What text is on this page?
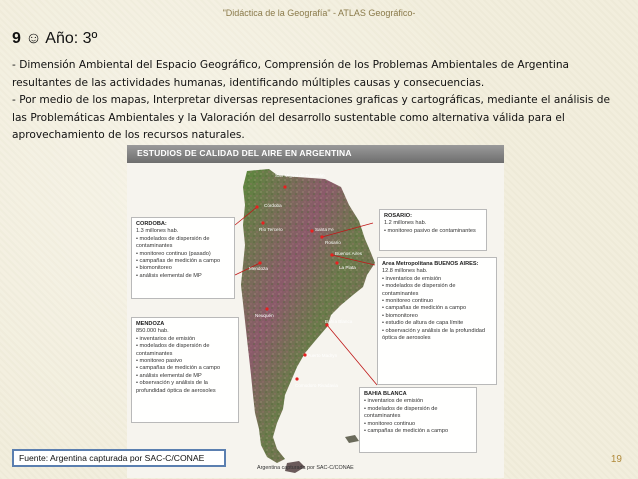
"Didáctica de la Geografía" - ATLAS Geográfico-
9 ☺ Año: 3º

- Dimensión Ambiental del Espacio Geográfico, Comprensión de los Problemas Ambientales de Argentina resultantes de las actividades humanas, identificando múltiples causas y consecuencias.

- Por medio de los mapas, Interpretar diversas representaciones graficas y cartográficas, mediante el análisis de las Problemáticas Ambientales y la Valoración del desarrollo sustentable como alternativa válida para el aprovechamiento de los recursos naturales.

ESTUDIOS DE CALIDAD DEL AIRE EN ARGENTINA
San Miguel de Tucumán
Córdoba
Río Tercero
Mendoza
Santa Fe
Rosario
Buenos Aires
La Plata
Bahía Blanca
Puerto Madryn
Comodoro Rivadavia
Neuquén
CORDOBA:
1.3 millones hab.
• modelados de dispersión de contaminantes
• monitoreo continuo (pasado)
• campañas de medición a campo
• biomonitoreo
• análisis elemental de MP
MENDOZA
850.000 hab.
• inventarios de emisión
• modelados de dispersión de contaminantes
• monitoreo pasivo
• campañas de medición a campo
• análisis elemental de MP
• observación y análisis de la profundidad óptica de aerosoles
ROSARIO:
1.2 millones hab.
• monitoreo pasivo de contaminantes
Area Metropolitana BUENOS AIRES:
12.8 millones hab.
• inventarios de emisión
• modelados de dispersión de contaminantes
• monitoreo continuo
• campañas de medición a campo
• biomonitoreo
• estudio de altura de capa límite
• observación y análisis de la profundidad óptica de aerosoles
BAHIA BLANCA
• inventarios de emisión
• modelados de dispersión de contaminantes
• monitoreo continuo
• campañas de medición a campo
Argentina capturada por SAC-C/CONAE
Fuente: Argentina capturada por SAC-C/CONAE	19
